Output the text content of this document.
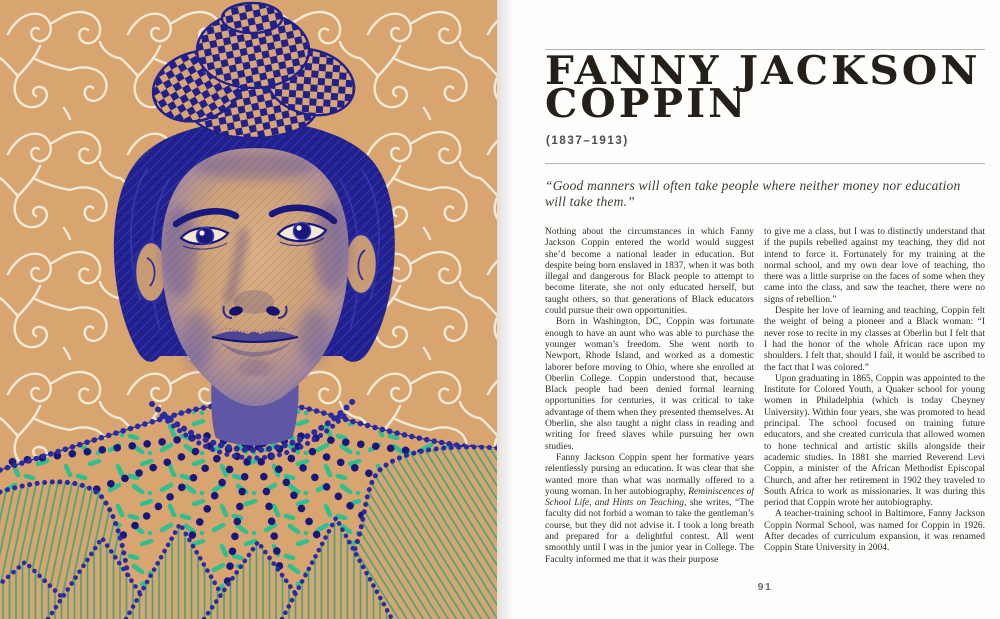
FANNY JACKSON
COPPIN
(1837–1913)
“Good manners will often take people where neither money nor education will take them.”

Nothing about the circumstances in which Fanny Jackson Coppin entered the world would suggest she’d become a national leader in education. But despite being born enslaved in 1837, when it was both illegal and dangerous for Black people to attempt to become literate, she not only educated herself, but taught others, so that generations of Black educators could pursue their own opportunities.

Born in Washington, DC, Coppin was fortunate enough to have an aunt who was able to purchase the younger woman’s freedom. She went north to Newport, Rhode Island, and worked as a domestic laborer before moving to Ohio, where she enrolled at Oberlin College. Coppin understood that, because Black people had been denied formal learning opportunities for centuries, it was critical to take advantage of them when they presented themselves. At Oberlin, she also taught a night class in reading and writing for freed slaves while pursuing her own studies.

Fanny Jackson Coppin spent her formative years relentlessly pursing an education. It was clear that she wanted more than what was normally offered to a young woman. In her autobiography, Reminiscences of School Life, and Hints on Teaching, she writes, “The faculty did not forbid a woman to take the gentleman’s course, but they did not advise it. I took a long breath and prepared for a delightful contest. All went smoothly until I was in the junior year in College. The Faculty informed me that it was their purpose

to give me a class, but I was to distinctly understand that if the pupils rebelled against my teaching, they did not intend to force it. Fortunately for my training at the normal school, and my own dear love of teaching, tho there was a little surprise on the faces of some when they came into the class, and saw the teacher, there were no signs of rebellion.”

Despite her love of learning and teaching, Coppin felt the weight of being a pioneer and a Black woman: “I never rose to recite in my classes at Oberlin but I felt that I had the honor of the whole African race upon my shoulders. I felt that, should I fail, it would be ascribed to the fact that I was colored.”

Upon graduating in 1865, Coppin was appointed to the Institute for Colored Youth, a Quaker school for young women in Philadelphia (which is today Cheyney University). Within four years, she was promoted to head principal. The school focused on training future educators, and she created curricula that allowed women to hone technical and artistic skills alongside their academic studies. In 1881 she married Reverend Levi Coppin, a minister of the African Methodist Episcopal Church, and after her retirement in 1902 they traveled to South Africa to work as missionaries. It was during this period that Coppin wrote her autobiography.

A teacher-training school in Baltimore, Fanny Jackson Coppin Normal School, was named for Coppin in 1926. After decades of curriculum expansion, it was renamed Coppin State University in 2004.

91
